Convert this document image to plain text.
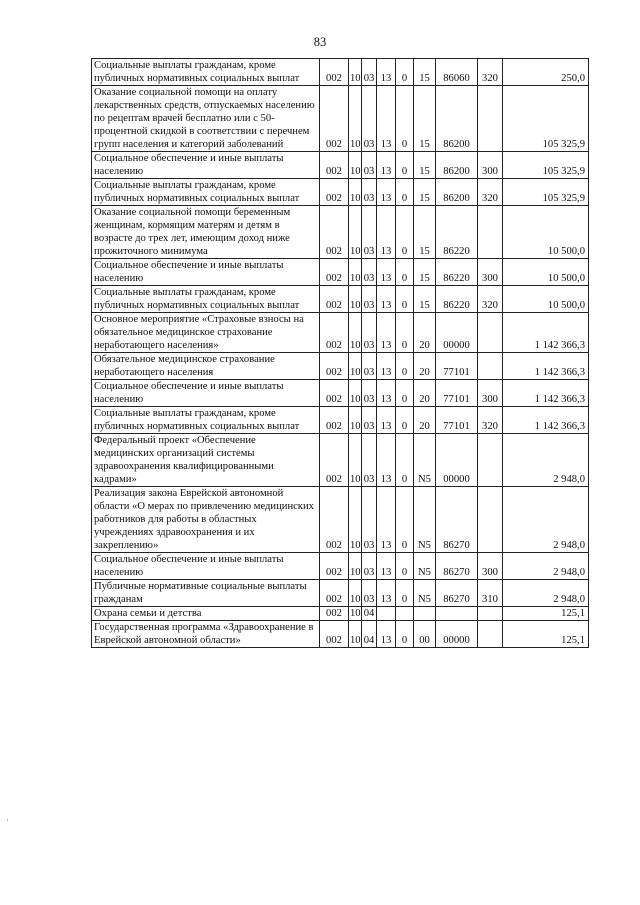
83
Социальные выплаты гражданам, кроме публичных нормативных социальных выплат	002	10	03	13	0	15	86060	320	250,0
Оказание социальной помощи на оплату лекарственных средств, отпускаемых населению по рецептам врачей бесплатно или с 50-процентной скидкой в соответствии с перечнем групп населения и категорий заболеваний	002	10	03	13	0	15	86200		105 325,9
Социальное обеспечение и иные выплаты населению	002	10	03	13	0	15	86200	300	105 325,9
Социальные выплаты гражданам, кроме публичных нормативных социальных выплат	002	10	03	13	0	15	86200	320	105 325,9
Оказание социальной помощи беременным женщинам, кормящим матерям и детям в возрасте до трех лет, имеющим доход ниже прожиточного минимума	002	10	03	13	0	15	86220		10 500,0
Социальное обеспечение и иные выплаты населению	002	10	03	13	0	15	86220	300	10 500,0
Социальные выплаты гражданам, кроме публичных нормативных социальных выплат	002	10	03	13	0	15	86220	320	10 500,0
Основное мероприятие «Страховые взносы на обязательное медицинское страхование неработающего населения»	002	10	03	13	0	20	00000		1 142 366,3
Обязательное медицинское страхование неработающего населения	002	10	03	13	0	20	77101		1 142 366,3
Социальное обеспечение и иные выплаты населению	002	10	03	13	0	20	77101	300	1 142 366,3
Социальные выплаты гражданам, кроме публичных нормативных социальных выплат	002	10	03	13	0	20	77101	320	1 142 366,3
Федеральный проект «Обеспечение медицинских организаций системы здравоохранения квалифицированными кадрами»	002	10	03	13	0	N5	00000		2 948,0
Реализация закона Еврейской автономной области «О мерах по привлечению медицинских работников для работы в областных учреждениях здравоохранения и их закреплению»	002	10	03	13	0	N5	86270		2 948,0
Социальное обеспечение и иные выплаты населению	002	10	03	13	0	N5	86270	300	2 948,0
Публичные нормативные социальные выплаты гражданам	002	10	03	13	0	N5	86270	310	2 948,0
Охрана семьи и детства	002	10	04						125,1
Государственная программа «Здравоохранение в Еврейской автономной области»	002	10	04	13	0	00	00000		125,1
·
